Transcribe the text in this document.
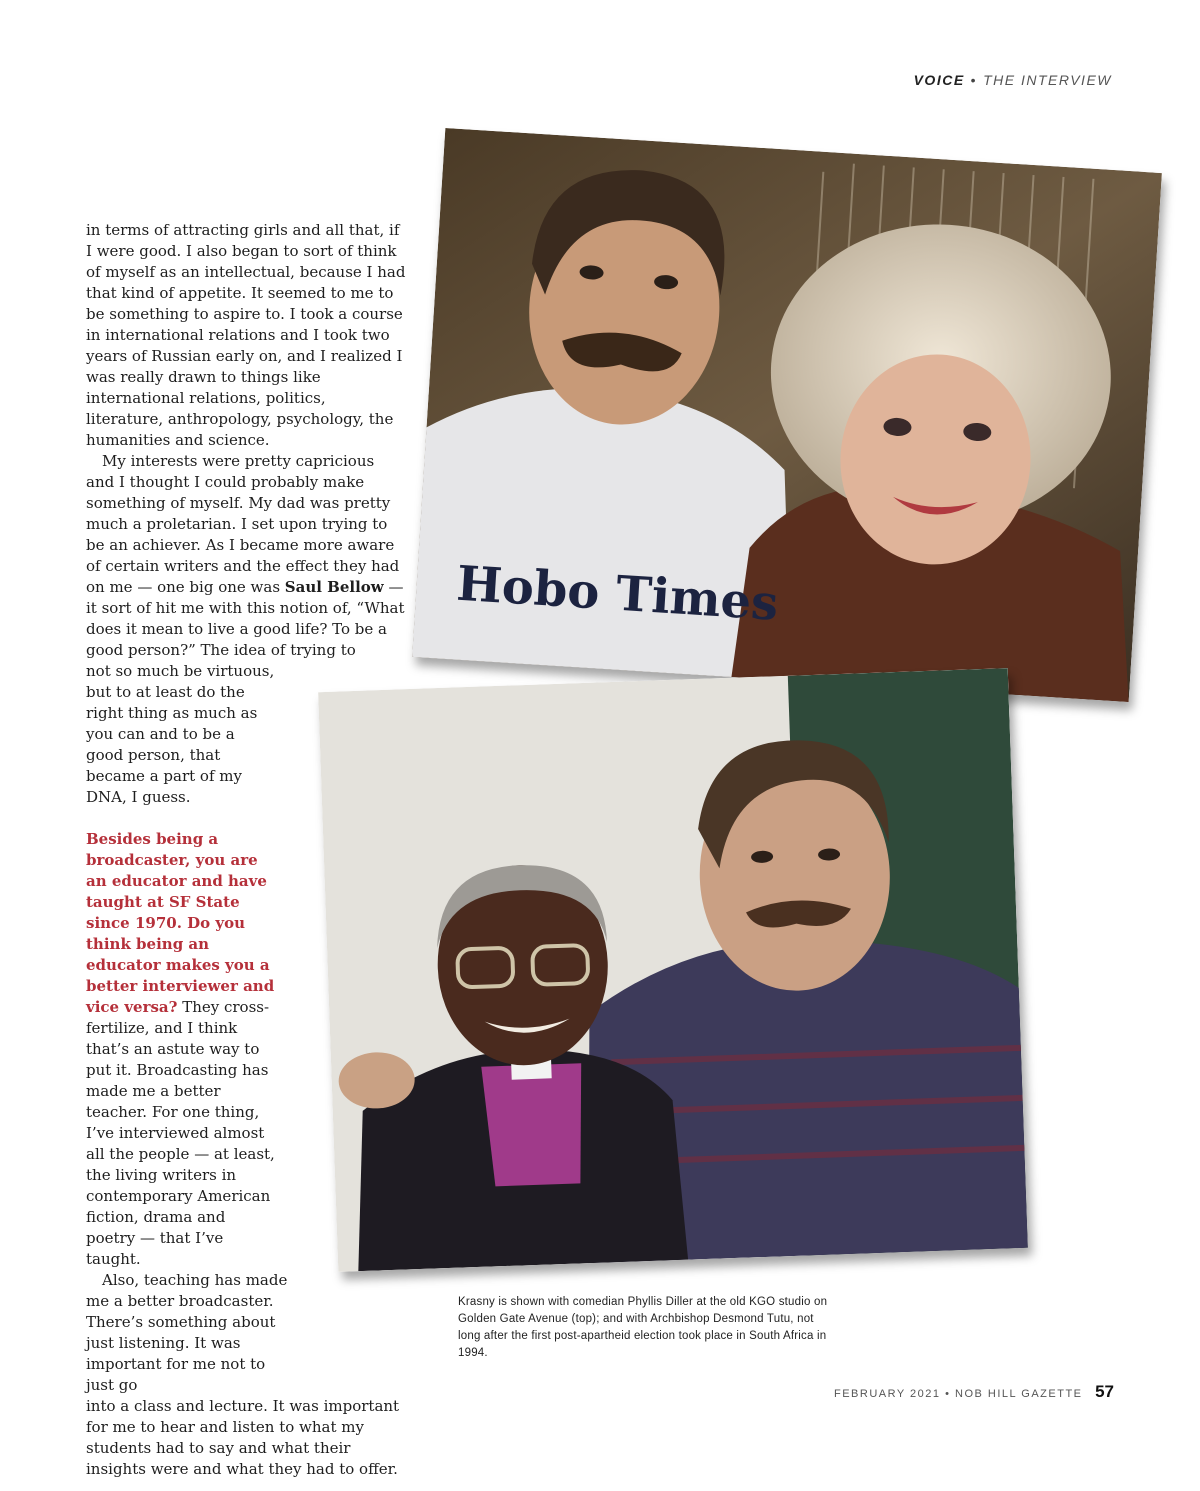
VOICE • THE INTERVIEW
Hobo Times

in terms of attracting girls and all that, if I were good. I also began to sort of think of myself as an intellectual, because I had that kind of appetite. It seemed to me to be something to aspire to. I took a course in international relations and I took two years of Russian early on, and I realized I was really drawn to things like international relations, politics, literature, anthropology, psychology, the humanities and science.

My interests were pretty capricious and I thought I could probably make something of myself. My dad was pretty much a proletarian. I set upon trying to be an achiever. As I became more aware of certain writers and the effect they had on me — one big one was Saul Bellow — it sort of hit me with this notion of, “What does it mean to live a good life? To be a good person?” The idea of trying to

not so much be virtuous, but to at least do the right thing as much as you can and to be a good person, that became a part of my DNA, I guess.

Besides being a broadcaster, you are an educator and have taught at SF State since 1970. Do you think being an educator makes you a better interviewer and vice versa? They cross-fertilize, and I think that’s an astute way to put it. Broadcasting has made me a better teacher. For one thing, I’ve interviewed almost all the people — at least, the living writers in contemporary American fiction, drama and poetry — that I’ve taught.

Also, teaching has made me a better broadcaster. There’s something about just listening. It was important for me not to just go

into a class and lecture. It was important for me to hear and listen to what my students had to say and what their insights were and what they had to offer.

Krasny is shown with comedian Phyllis Diller at the old KGO studio on Golden Gate Avenue (top); and with Archbishop Desmond Tutu, not long after the first post-apartheid election took place in South Africa in 1994.
FEBRUARY 2021 • NOB HILL GAZETTE 57
